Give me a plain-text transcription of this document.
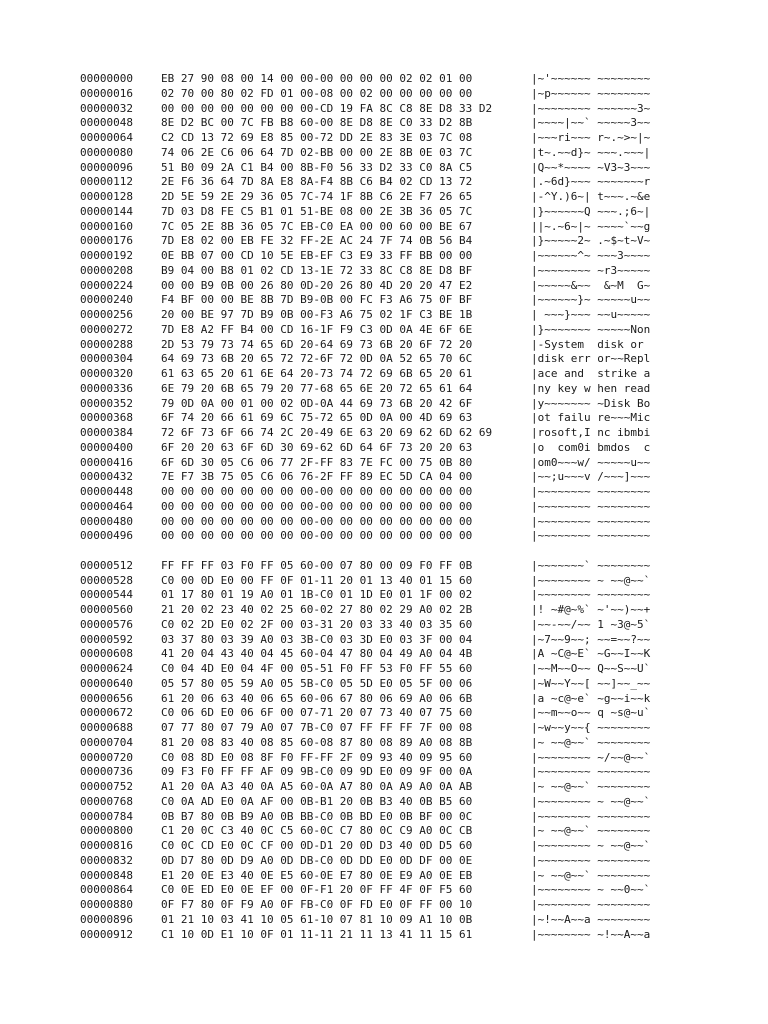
00000000	EB 27 90 08 00 14 00 00-00 00 00 00 02 02 01 00	|~'~~~~~~ ~~~~~~~~
00000016	02 70 00 80 02 FD 01 00-08 00 02 00 00 00 00 00	|~p~~~~~~ ~~~~~~~~
00000032	00 00 00 00 00 00 00 00-CD 19 FA 8C C8 8E D8 33 D2	|~~~~~~~~ ~~~~~~3~
00000048	8E D2 BC 00 7C FB B8 60-00 8E D8 8E C0 33 D2 8B	|~~~~|~~` ~~~~~3~~
00000064	C2 CD 13 72 69 E8 85 00-72 DD 2E 83 3E 03 7C 08	|~~~ri~~~ r~.~>~|~
00000080	74 06 2E C6 06 64 7D 02-BB 00 00 2E 8B 0E 03 7C	|t~.~~d}~ ~~~.~~~|
00000096	51 B0 09 2A C1 B4 00 8B-F0 56 33 D2 33 C0 8A C5	|Q~~*~~~~ ~V3~3~~~
00000112	2E F6 36 64 7D 8A E8 8A-F4 8B C6 B4 02 CD 13 72	|.~6d}~~~ ~~~~~~~r
00000128	2D 5E 59 2E 29 36 05 7C-74 1F 8B C6 2E F7 26 65	|-^Y.)6~| t~~~.~&e
00000144	7D 03 D8 FE C5 B1 01 51-BE 08 00 2E 3B 36 05 7C	|}~~~~~~Q ~~~.;6~|
00000160	7C 05 2E 8B 36 05 7C EB-C0 EA 00 00 60 00 BE 67	||~.~6~|~ ~~~~`~~g
00000176	7D E8 02 00 EB FE 32 FF-2E AC 24 7F 74 0B 56 B4	|}~~~~~2~ .~$~t~V~
00000192	0E BB 07 00 CD 10 5E EB-EF C3 E9 33 FF BB 00 00	|~~~~~~^~ ~~~3~~~~
00000208	B9 04 00 B8 01 02 CD 13-1E 72 33 8C C8 8E D8 BF	|~~~~~~~~ ~r3~~~~~
00000224	00 00 B9 0B 00 26 80 0D-20 26 80 4D 20 20 47 E2	|~~~~~&~~  &~M  G~
00000240	F4 BF 00 00 BE 8B 7D B9-0B 00 FC F3 A6 75 0F BF	|~~~~~~}~ ~~~~~u~~
00000256	20 00 BE 97 7D B9 0B 00-F3 A6 75 02 1F C3 BE 1B	| ~~~}~~~ ~~u~~~~~
00000272	7D E8 A2 FF B4 00 CD 16-1F F9 C3 0D 0A 4E 6F 6E	|}~~~~~~~ ~~~~~Non
00000288	2D 53 79 73 74 65 6D 20-64 69 73 6B 20 6F 72 20	|-System  disk or
00000304	64 69 73 6B 20 65 72 72-6F 72 0D 0A 52 65 70 6C	|disk err or~~Repl
00000320	61 63 65 20 61 6E 64 20-73 74 72 69 6B 65 20 61	|ace and  strike a
00000336	6E 79 20 6B 65 79 20 77-68 65 6E 20 72 65 61 64	|ny key w hen read
00000352	79 0D 0A 00 01 00 02 0D-0A 44 69 73 6B 20 42 6F	|y~~~~~~~ ~Disk Bo
00000368	6F 74 20 66 61 69 6C 75-72 65 0D 0A 00 4D 69 63	|ot failu re~~~Mic
00000384	72 6F 73 6F 66 74 2C 20-49 6E 63 20 69 62 6D 62 69	|rosoft,I nc ibmbi
00000400	6F 20 20 63 6F 6D 30 69-62 6D 64 6F 73 20 20 63	|o  com0i bmdos  c
00000416	6F 6D 30 05 C6 06 77 2F-FF 83 7E FC 00 75 0B 80	|om0~~~w/ ~~~~~u~~
00000432	7E F7 3B 75 05 C6 06 76-2F FF 89 EC 5D CA 04 00	|~~;u~~~v /~~~]~~~
00000448	00 00 00 00 00 00 00 00-00 00 00 00 00 00 00 00	|~~~~~~~~ ~~~~~~~~
00000464	00 00 00 00 00 00 00 00-00 00 00 00 00 00 00 00	|~~~~~~~~ ~~~~~~~~
00000480	00 00 00 00 00 00 00 00-00 00 00 00 00 00 00 00	|~~~~~~~~ ~~~~~~~~
00000496	00 00 00 00 00 00 00 00-00 00 00 00 00 00 00 00	|~~~~~~~~ ~~~~~~~~
00000512	FF FF FF 03 F0 FF 05 60-00 07 80 00 09 F0 FF 0B	|~~~~~~~` ~~~~~~~~
00000528	C0 00 0D E0 00 FF 0F 01-11 20 01 13 40 01 15 60	|~~~~~~~~ ~ ~~@~~`
00000544	01 17 80 01 19 A0 01 1B-C0 01 1D E0 01 1F 00 02	|~~~~~~~~ ~~~~~~~~
00000560	21 20 02 23 40 02 25 60-02 27 80 02 29 A0 02 2B	|! ~#@~%` ~'~~)~~+
00000576	C0 02 2D E0 02 2F 00 03-31 20 03 33 40 03 35 60	|~~-~~/~~ 1 ~3@~5`
00000592	03 37 80 03 39 A0 03 3B-C0 03 3D E0 03 3F 00 04	|~7~~9~~; ~~=~~?~~
00000608	41 20 04 43 40 04 45 60-04 47 80 04 49 A0 04 4B	|A ~C@~E` ~G~~I~~K
00000624	C0 04 4D E0 04 4F 00 05-51 F0 FF 53 F0 FF 55 60	|~~M~~O~~ Q~~S~~U`
00000640	05 57 80 05 59 A0 05 5B-C0 05 5D E0 05 5F 00 06	|~W~~Y~~[ ~~]~~_~~
00000656	61 20 06 63 40 06 65 60-06 67 80 06 69 A0 06 6B	|a ~c@~e` ~g~~i~~k
00000672	C0 06 6D E0 06 6F 00 07-71 20 07 73 40 07 75 60	|~~m~~o~~ q ~s@~u`
00000688	07 77 80 07 79 A0 07 7B-C0 07 FF FF FF 7F 00 08	|~w~~y~~{ ~~~~~~~~
00000704	81 20 08 83 40 08 85 60-08 87 80 08 89 A0 08 8B	|~ ~~@~~` ~~~~~~~~
00000720	C0 08 8D E0 08 8F F0 FF-FF 2F 09 93 40 09 95 60	|~~~~~~~~ ~/~~@~~`
00000736	09 F3 F0 FF FF AF 09 9B-C0 09 9D E0 09 9F 00 0A	|~~~~~~~~ ~~~~~~~~
00000752	A1 20 0A A3 40 0A A5 60-0A A7 80 0A A9 A0 0A AB	|~ ~~@~~` ~~~~~~~~
00000768	C0 0A AD E0 0A AF 00 0B-B1 20 0B B3 40 0B B5 60	|~~~~~~~~ ~ ~~@~~`
00000784	0B B7 80 0B B9 A0 0B BB-C0 0B BD E0 0B BF 00 0C	|~~~~~~~~ ~~~~~~~~
00000800	C1 20 0C C3 40 0C C5 60-0C C7 80 0C C9 A0 0C CB	|~ ~~@~~` ~~~~~~~~
00000816	C0 0C CD E0 0C CF 00 0D-D1 20 0D D3 40 0D D5 60	|~~~~~~~~ ~ ~~@~~`
00000832	0D D7 80 0D D9 A0 0D DB-C0 0D DD E0 0D DF 00 0E	|~~~~~~~~ ~~~~~~~~
00000848	E1 20 0E E3 40 0E E5 60-0E E7 80 0E E9 A0 0E EB	|~ ~~@~~` ~~~~~~~~
00000864	C0 0E ED E0 0E EF 00 0F-F1 20 0F FF 4F 0F F5 60	|~~~~~~~~ ~ ~~0~~`
00000880	0F F7 80 0F F9 A0 0F FB-C0 0F FD E0 0F FF 00 10	|~~~~~~~~ ~~~~~~~~
00000896	01 21 10 03 41 10 05 61-10 07 81 10 09 A1 10 0B	|~!~~A~~a ~~~~~~~~
00000912	C1 10 0D E1 10 0F 01 11-11 21 11 13 41 11 15 61	|~~~~~~~~ ~!~~A~~a
